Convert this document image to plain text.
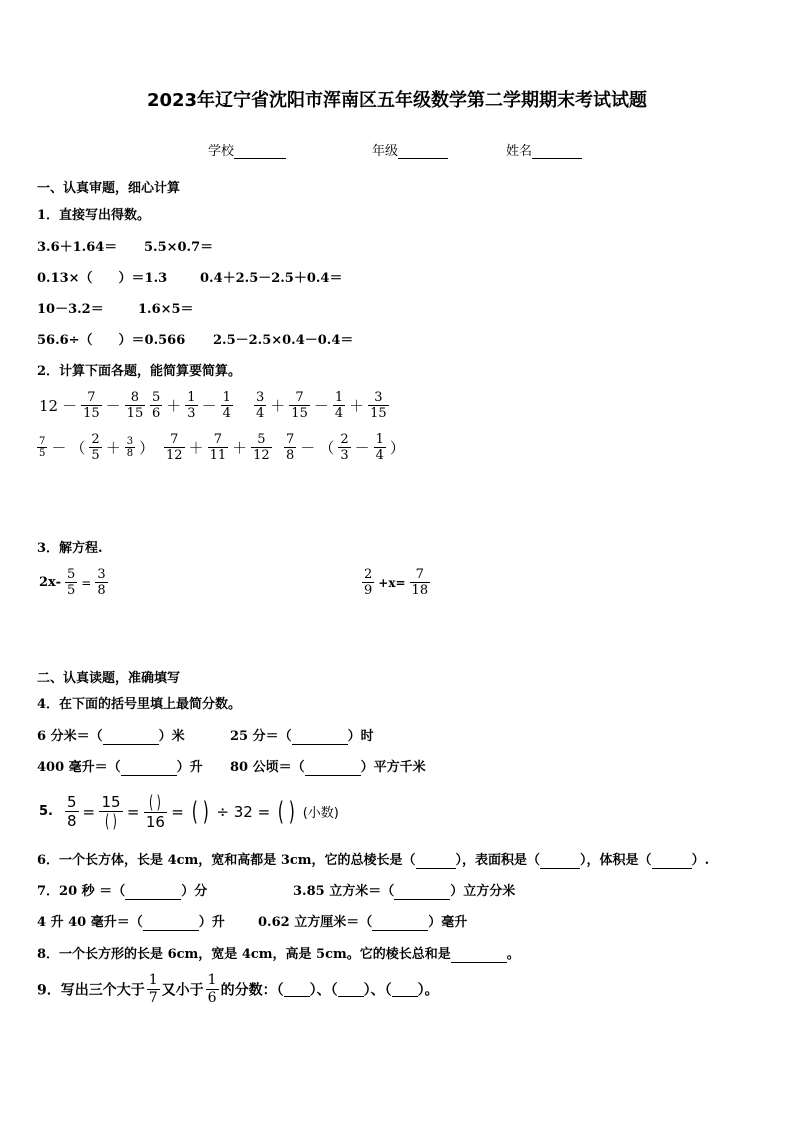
2023年辽宁省沈阳市浑南区五年级数学第二学期期末考试试题
学校	年级	姓名
一、认真审题，细心计算
1．直接写出得数。
3.6＋1.64＝ 5.5×0.7＝
0.13×（　　）＝1.3	0.4＋2.5－2.5＋0.4＝
10－3.2＝	1.6×5＝
56.6÷（　　）＝0.566 2.5－2.5×0.4－0.4＝
2．计算下面各题，能简算要简算。
$12 - \frac{7}{15} - \frac{8}{15} \frac{5}{6} + \frac{1}{3} - \frac{1}{4} \frac{3}{4} + \frac{7}{15} - \frac{1}{4} + \frac{3}{15}$
$\frac{7}{5}$ － （ $\frac{2}{5} + \frac{3}{8}$ ） $\frac{7}{12} + \frac{7}{11} + \frac{5}{12} \frac{7}{8}$ － （ $\frac{2}{3} - \frac{1}{4}$ ）
3．解方程.
$2x- \frac{5}{5} = \frac{3}{8}$	$\frac{2}{9} +x= \frac{7}{18}$
二、认真读题，准确填写
4．在下面的括号里填上最简分数。
6 分米＝（	）米	25 分＝（	）时
400 毫升＝（	）升 80 公顷＝（	）平方千米
5. $\frac{5}{8} = \frac{15}{( )} = \frac{( )}{16}$ = ( ) ÷ 32 = ( ) (小数)
6．一个长方体，长是 4cm，宽和高都是 3cm，它的总棱长是（	），表面积是（	），体积是（	）.
7．20 秒 ＝（	）分	3.85 立方米＝（	）立方分米
4 升 40 毫升＝（	）升	0.62 立方厘米＝（	）毫升
8．一个长方形的长是 6cm，宽是 4cm，高是 5cm。它的棱长总和是	。
9．写出三个大于 $\frac{1}{7}$ 又小于 $\frac{1}{6}$ 的分数：（ ）、（ ）、（ ）。
